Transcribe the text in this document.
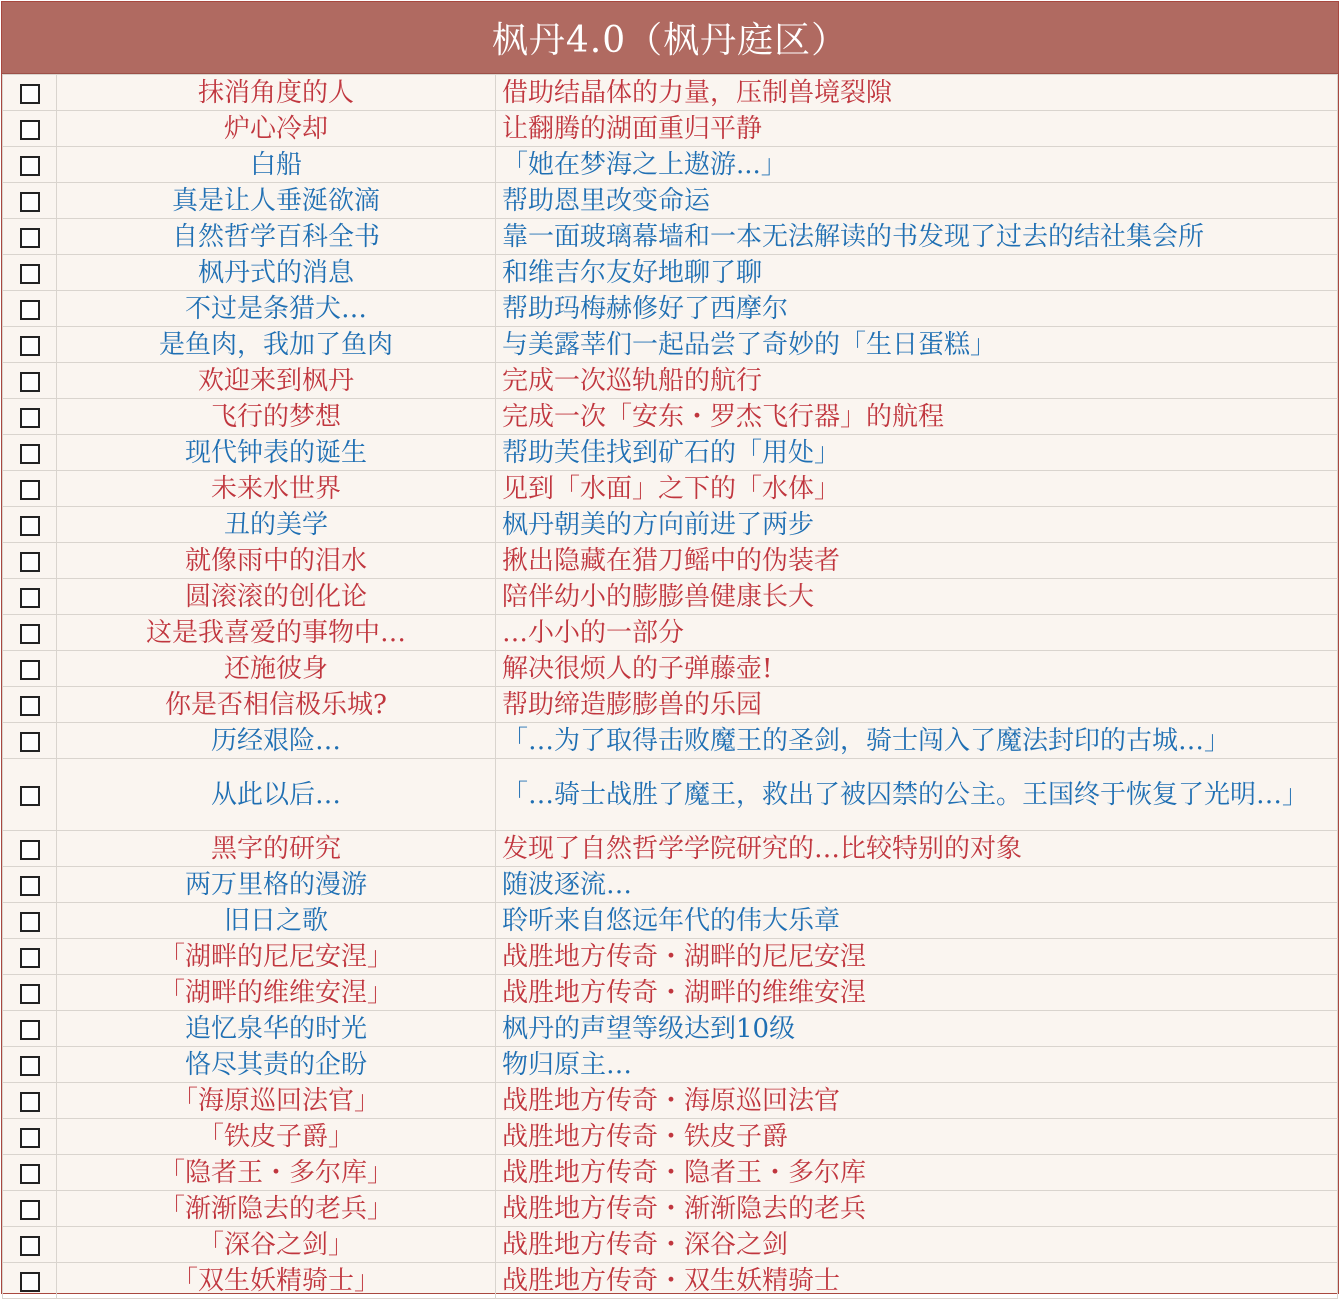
枫丹4.0（枫丹庭区）
	抹消角度的人	借助结晶体的力量，压制兽境裂隙
	炉心冷却	让翻腾的湖面重归平静
	白船	「她在梦海之上遨游...」
	真是让人垂涎欲滴	帮助恩里改变命运
	自然哲学百科全书	靠一面玻璃幕墙和一本无法解读的书发现了过去的结社集会所
	枫丹式的消息	和维吉尔友好地聊了聊
	不过是条猎犬…	帮助玛梅赫修好了西摩尔
	是鱼肉，我加了鱼肉	与美露莘们一起品尝了奇妙的「生日蛋糕」
	欢迎来到枫丹	完成一次巡轨船的航行
	飞行的梦想	完成一次「安东・罗杰飞行器」的航程
	现代钟表的诞生	帮助芙佳找到矿石的「用处」
	未来水世界	见到「水面」之下的「水体」
	丑的美学	枫丹朝美的方向前进了两步
	就像雨中的泪水	揪出隐藏在猎刀鳐中的伪装者
	圆滚滚的创化论	陪伴幼小的膨膨兽健康长大
	这是我喜爱的事物中…	…小小的一部分
	还施彼身	解决很烦人的子弹藤壶!
	你是否相信极乐城?	帮助缔造膨膨兽的乐园
	历经艰险…	「…为了取得击败魔王的圣剑，骑士闯入了魔法封印的古城…」
	从此以后…	「…骑士战胜了魔王，救出了被囚禁的公主。王国终于恢复了光明…」
	黑字的研究	发现了自然哲学学院研究的…比较特别的对象
	两万里格的漫游	随波逐流…
	旧日之歌	聆听来自悠远年代的伟大乐章
	「湖畔的尼尼安涅」	战胜地方传奇・湖畔的尼尼安涅
	「湖畔的维维安涅」	战胜地方传奇・湖畔的维维安涅
	追忆泉华的时光	枫丹的声望等级达到10级
	恪尽其责的企盼	物归原主…
	「海原巡回法官」	战胜地方传奇・海原巡回法官
	「铁皮子爵」	战胜地方传奇・铁皮子爵
	「隐者王・多尔库」	战胜地方传奇・隐者王・多尔库
	「渐渐隐去的老兵」	战胜地方传奇・渐渐隐去的老兵
	「深谷之剑」	战胜地方传奇・深谷之剑
	「双生妖精骑士」	战胜地方传奇・双生妖精骑士
